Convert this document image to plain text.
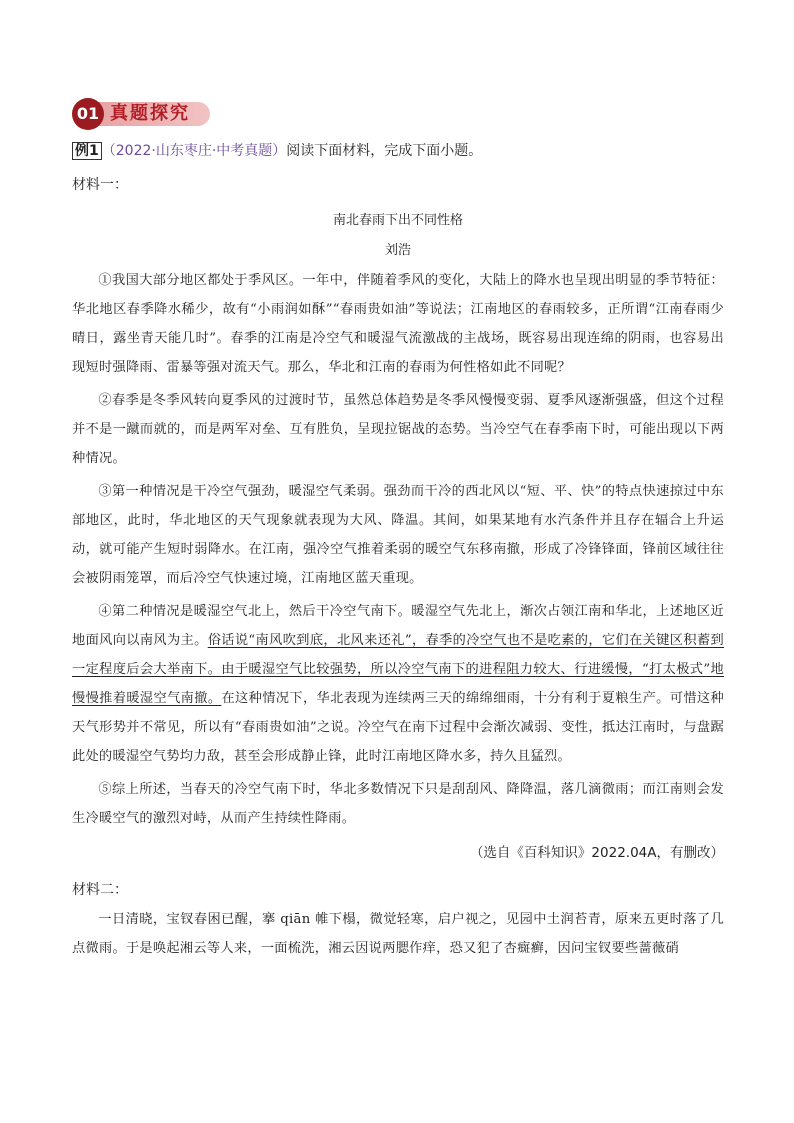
01 真题探究
例1 （2022·山东枣庄·中考真题）阅读下面材料，完成下面小题。
材料一：
南北春雨下出不同性格
刘浩

①我国大部分地区都处于季风区。一年中，伴随着季风的变化，大陆上的降水也呈现出明显的季节特征：华北地区春季降水稀少，故有“小雨润如酥”“春雨贵如油”等说法；江南地区的春雨较多，正所谓“江南春雨少晴日，露坐青天能几时”。春季的江南是冷空气和暖湿气流激战的主战场，既容易出现连绵的阴雨，也容易出现短时强降雨、雷暴等强对流天气。那么，华北和江南的春雨为何性格如此不同呢？

②春季是冬季风转向夏季风的过渡时节，虽然总体趋势是冬季风慢慢变弱、夏季风逐渐强盛，但这个过程并不是一蹴而就的，而是两军对垒、互有胜负，呈现拉锯战的态势。当冷空气在春季南下时，可能出现以下两种情况。

③第一种情况是干冷空气强劲，暖湿空气柔弱。强劲而干冷的西北风以“短、平、快”的特点快速掠过中东部地区，此时，华北地区的天气现象就表现为大风、降温。其间，如果某地有水汽条件并且存在辐合上升运动，就可能产生短时弱降水。在江南，强冷空气推着柔弱的暖空气东移南撤，形成了冷锋锋面，锋前区域往往会被阴雨笼罩，而后冷空气快速过境，江南地区蓝天重现。

④第二种情况是暖湿空气北上，然后干冷空气南下。暖湿空气先北上，渐次占领江南和华北，上述地区近地面风向以南风为主。俗话说“南风吹到底，北风来还礼”，春季的冷空气也不是吃素的，它们在关键区积蓄到一定程度后会大举南下。由于暖湿空气比较强势，所以冷空气南下的进程阻力较大、行进缓慢，“打太极式”地慢慢推着暖湿空气南撤。在这种情况下，华北表现为连续两三天的绵绵细雨，十分有利于夏粮生产。可惜这种天气形势并不常见，所以有“春雨贵如油”之说。冷空气在南下过程中会渐次减弱、变性，抵达江南时，与盘踞此处的暖湿空气势均力敌，甚至会形成静止锋，此时江南地区降水多，持久且猛烈。

⑤综上所述，当春天的冷空气南下时，华北多数情况下只是刮刮风、降降温，落几滴微雨；而江南则会发生冷暖空气的激烈对峙，从而产生持续性降雨。

（选自《百科知识》2022.04A，有删改）
材料二：

一日清晓，宝钗春困已醒，搴 qiān 帷下榻，微觉轻寒，启户视之，见园中土润苔青，原来五更时落了几点微雨。于是唤起湘云等人来，一面梳洗，湘云因说两腮作痒，恐又犯了杏癍癣，因问宝钗要些蔷薇硝
